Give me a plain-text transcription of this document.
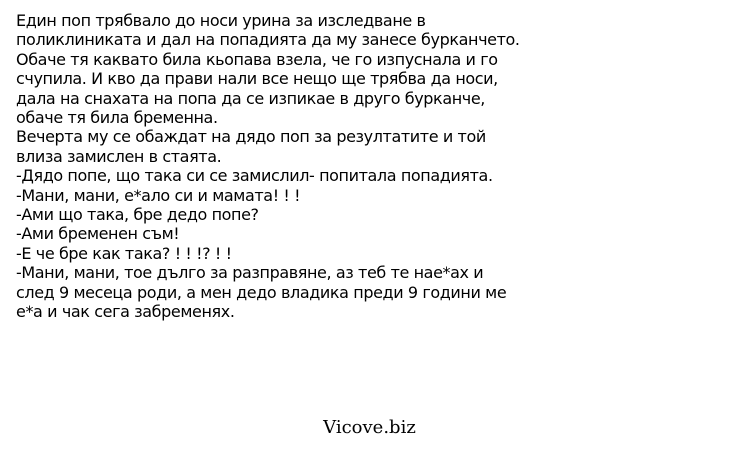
Един поп трябвало до носи урина за изследване в
поликлиниката и дал на попадията да му занесе бурканчето.
Обаче тя каквато била кьопава взела, че го изпуснала и го
счупила. И кво да прави нали все нещо ще трябва да носи,
дала на снахата на попа да се изпикае в друго бурканче,
обаче тя била бременна.
Вечерта му се обаждат на дядо поп за резултатите и той
влиза замислен в стаята.
-Дядо попе, що така си се замислил- попитала попадията.
-Мани, мани, е*ало си и мамата! ! !
-Ами що така, бре дедо попе?
-Ами бременен съм!
-Е че бре как така? ! ! !? ! !
-Мани, мани, тое дълго за разправяне, аз теб те нае*ах и
след 9 месеца роди, а мен дедо владика преди 9 години ме
е*а и чак сега забременях.
Vicove.biz
